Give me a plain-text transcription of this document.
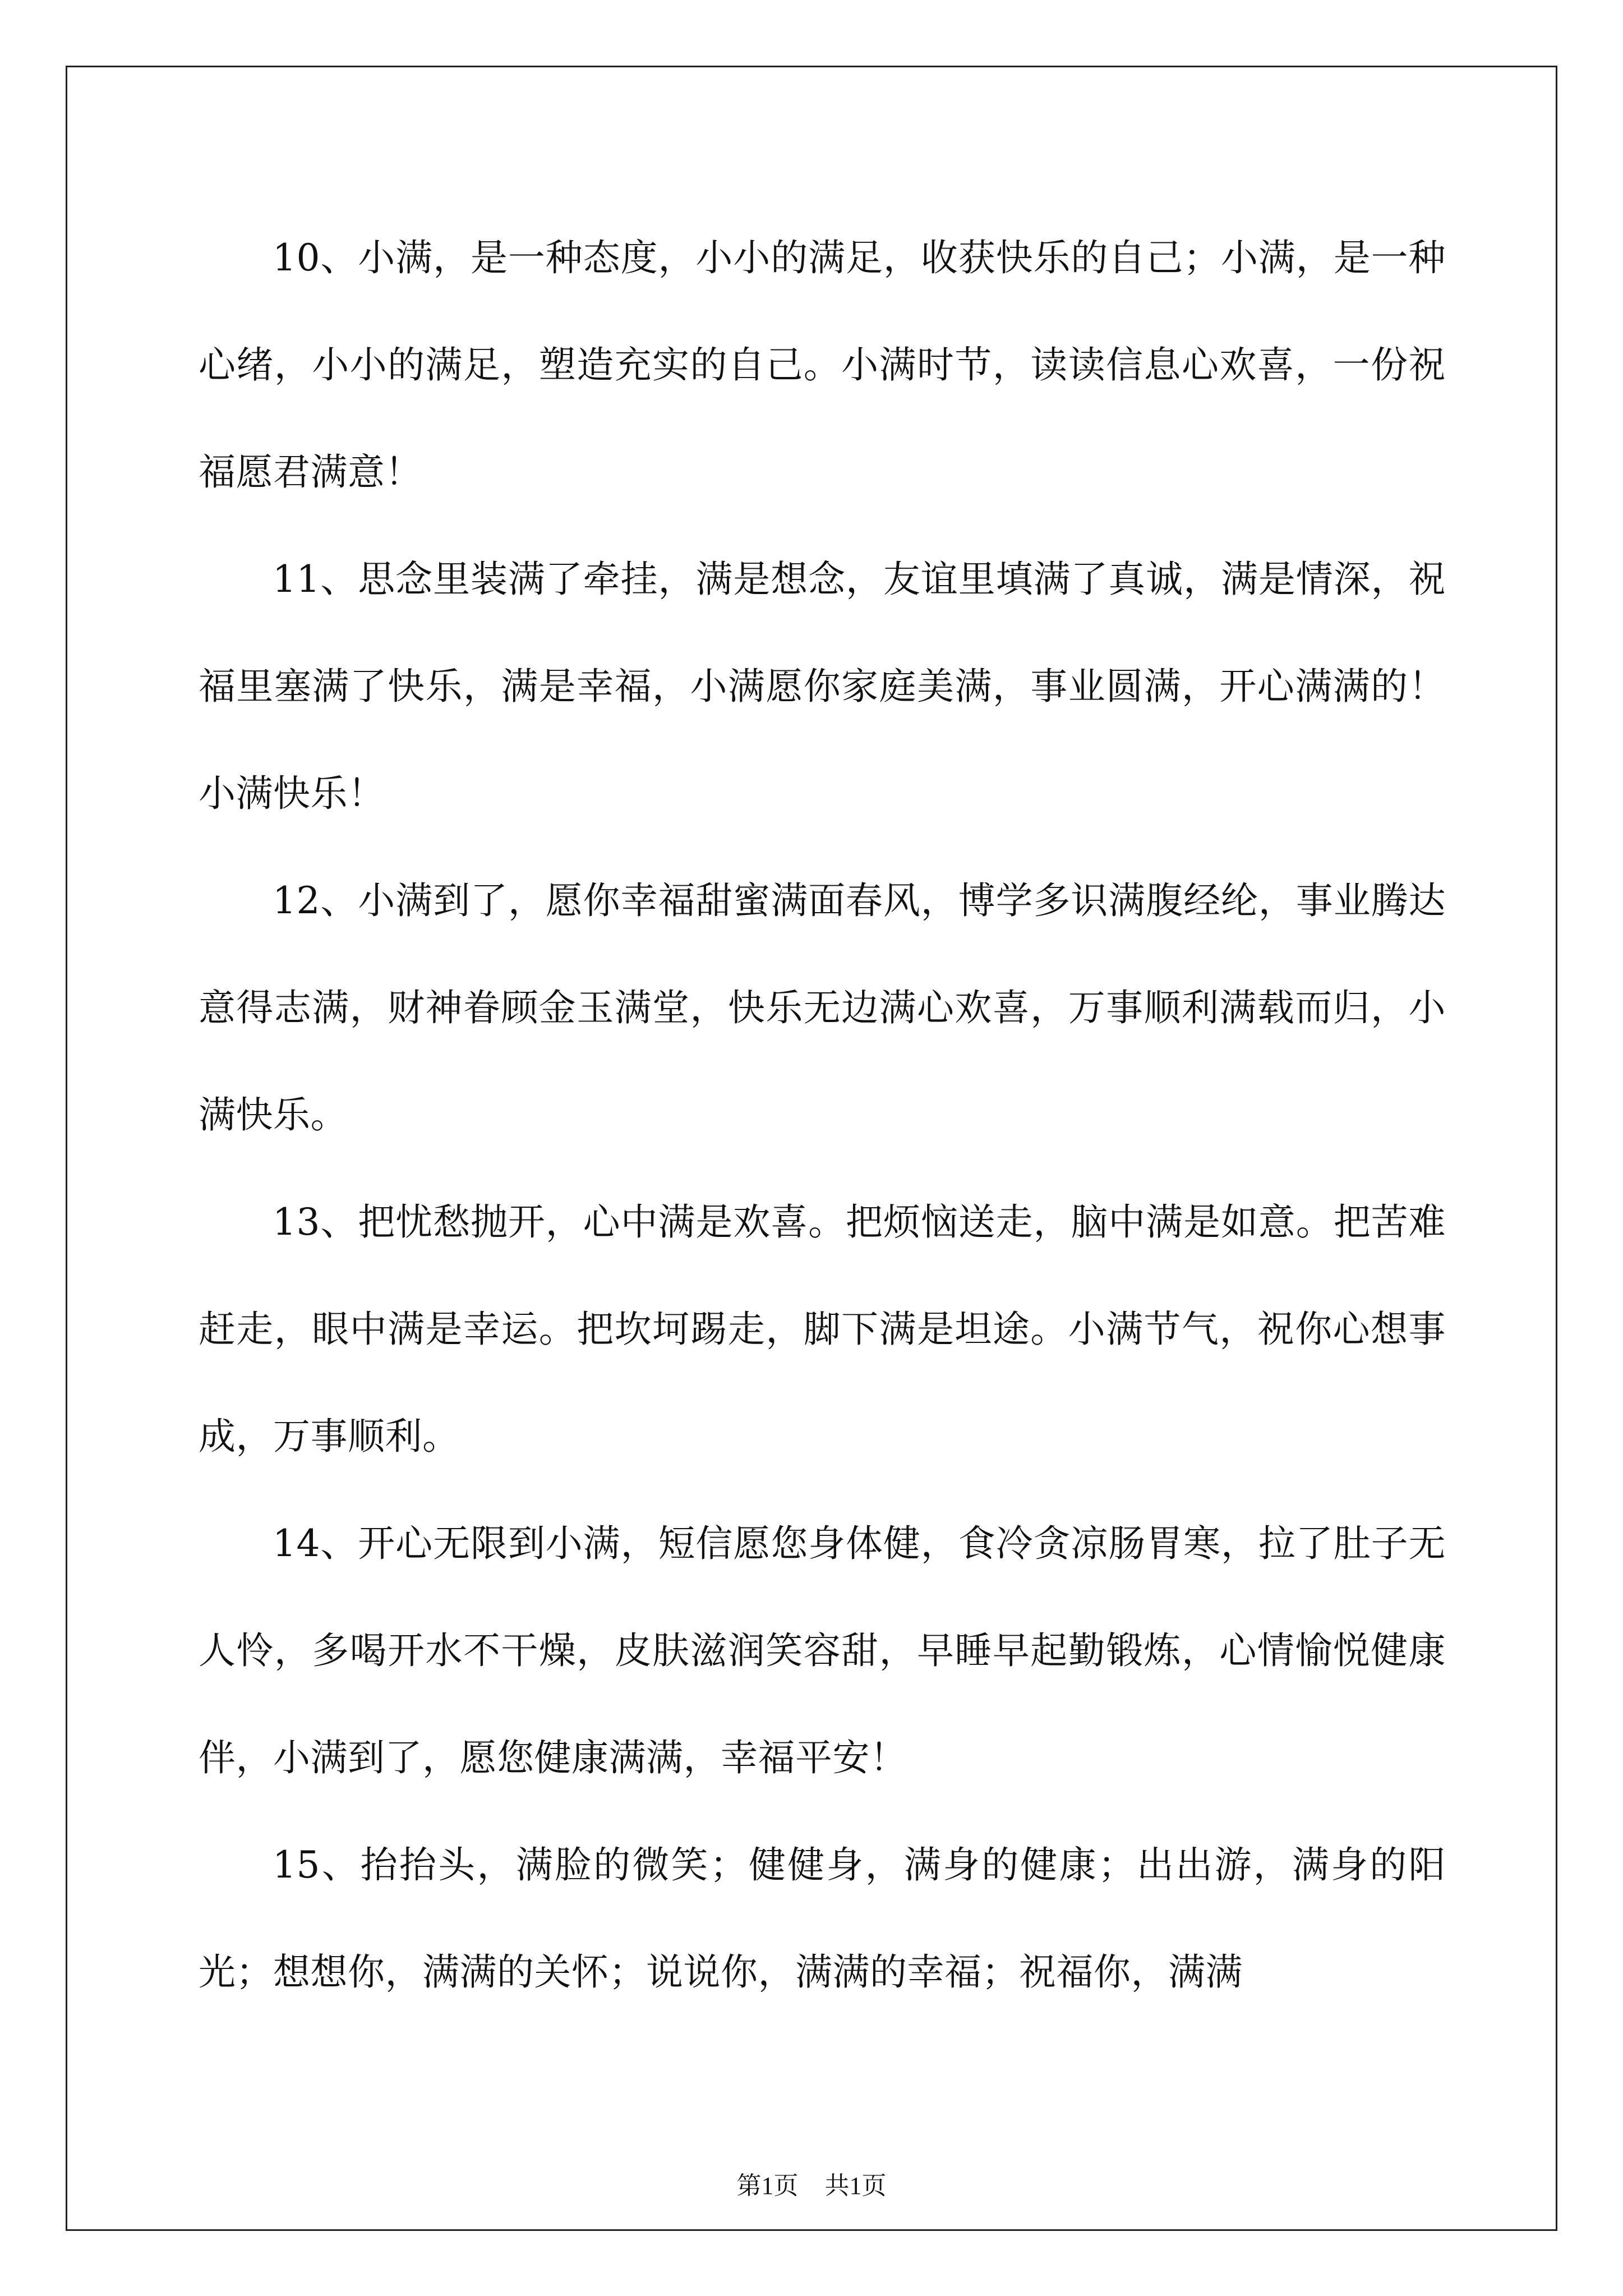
10、小满，是一种态度，小小的满足，收获快乐的自己；小满，是一种心绪，小小的满足，塑造充实的自己。小满时节，读读信息心欢喜，一份祝福愿君满意！

11、思念里装满了牵挂，满是想念，友谊里填满了真诚，满是情深，祝福里塞满了快乐，满是幸福，小满愿你家庭美满，事业圆满，开心满满的！小满快乐！

12、小满到了，愿你幸福甜蜜满面春风，博学多识满腹经纶，事业腾达意得志满，财神眷顾金玉满堂，快乐无边满心欢喜，万事顺利满载而归，小满快乐。

13、把忧愁抛开，心中满是欢喜。把烦恼送走，脑中满是如意。把苦难赶走，眼中满是幸运。把坎坷踢走，脚下满是坦途。小满节气，祝你心想事成，万事顺利。

14、开心无限到小满，短信愿您身体健，食冷贪凉肠胃寒，拉了肚子无人怜，多喝开水不干燥，皮肤滋润笑容甜，早睡早起勤锻炼，心情愉悦健康伴，小满到了，愿您健康满满，幸福平安！

15、抬抬头，满脸的微笑；健健身，满身的健康；出出游，满身的阳光；想想你，满满的关怀；说说你，满满的幸福；祝福你，满满

第1页 共1页
